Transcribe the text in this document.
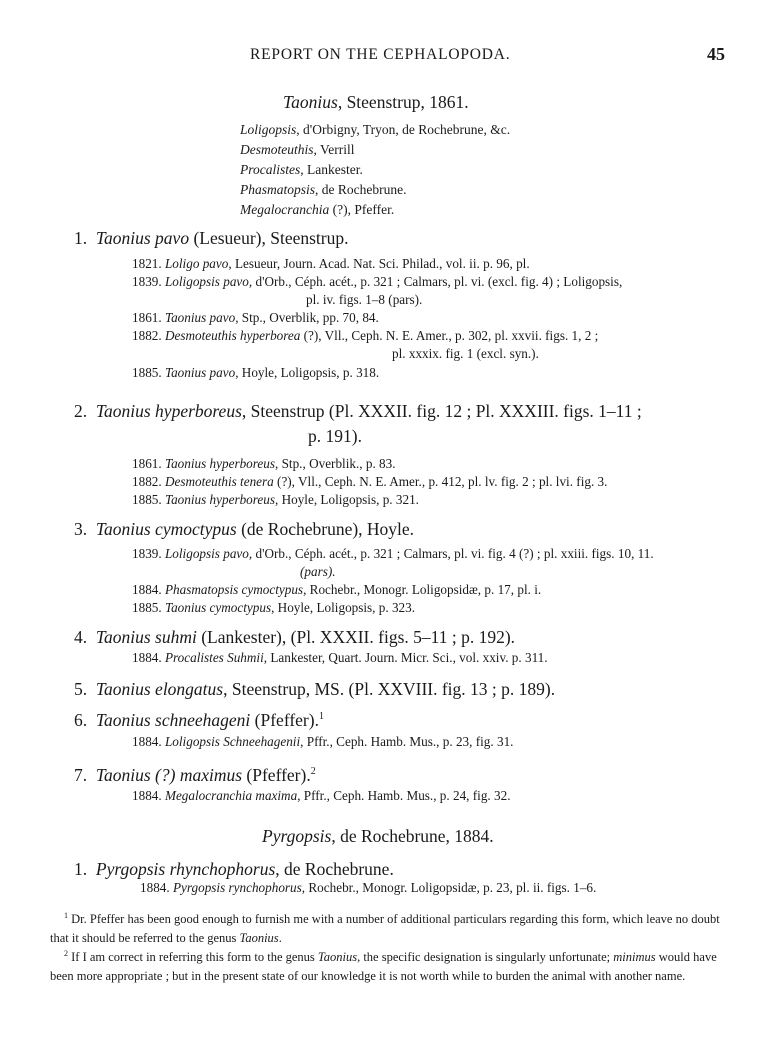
REPORT ON THE CEPHALOPODA.	45
Taonius, Steenstrup, 1861.
Loligopsis, d'Orbigny, Tryon, de Rochebrune, &c.
Desmoteuthis, Verrill
Procalistes, Lankester.
Phasmatopsis, de Rochebrune.
Megalocranchia (?), Pfeffer.
1. Taonius pavo (Lesueur), Steenstrup.
1821. Loligo pavo, Lesueur, Journ. Acad. Nat. Sci. Philad., vol. ii. p. 96, pl.
1839. Loligopsis pavo, d'Orb., Céph. acét., p. 321 ; Calmars, pl. vi. (excl. fig. 4) ; Loligopsis,
pl. iv. figs. 1–8 (pars).
1861. Taonius pavo, Stp., Overblik, pp. 70, 84.
1882. Desmoteuthis hyperborea (?), Vll., Ceph. N. E. Amer., p. 302, pl. xxvii. figs. 1, 2 ;
pl. xxxix. fig. 1 (excl. syn.).
1885. Taonius pavo, Hoyle, Loligopsis, p. 318.
2. Taonius hyperboreus, Steenstrup (Pl. XXXII. fig. 12 ; Pl. XXXIII. figs. 1–11 ;
p. 191).
1861. Taonius hyperboreus, Stp., Overblik., p. 83.
1882. Desmoteuthis tenera (?), Vll., Ceph. N. E. Amer., p. 412, pl. lv. fig. 2 ; pl. lvi. fig. 3.
1885. Taonius hyperboreus, Hoyle, Loligopsis, p. 321.
3. Taonius cymoctypus (de Rochebrune), Hoyle.
1839. Loligopsis pavo, d'Orb., Céph. acét., p. 321 ; Calmars, pl. vi. fig. 4 (?) ; pl. xxiii. figs. 10, 11.
(pars).
1884. Phasmatopsis cymoctypus, Rochebr., Monogr. Loligopsidæ, p. 17, pl. i.
1885. Taonius cymoctypus, Hoyle, Loligopsis, p. 323.
4. Taonius suhmi (Lankester), (Pl. XXXII. figs. 5–11 ; p. 192).
1884. Procalistes Suhmii, Lankester, Quart. Journ. Micr. Sci., vol. xxiv. p. 311.
5. Taonius elongatus, Steenstrup, MS. (Pl. XXVIII. fig. 13 ; p. 189).
6. Taonius schneehageni (Pfeffer).$^1$
1884. Loligopsis Schneehagenii, Pffr., Ceph. Hamb. Mus., p. 23, fig. 31.
7. Taonius (?) maximus (Pfeffer).$^2$
1884. Megalocranchia maxima, Pffr., Ceph. Hamb. Mus., p. 24, fig. 32.
Pyrgopsis, de Rochebrune, 1884.
1. Pyrgopsis rhynchophorus, de Rochebrune.
1884. Pyrgopsis rynchophorus, Rochebr., Monogr. Loligopsidæ, p. 23, pl. ii. figs. 1–6.
$^1$ Dr. Pfeffer has been good enough to furnish me with a number of additional particulars regarding this form, which leave no doubt that it should be referred to the genus Taonius.
$^2$ If I am correct in referring this form to the genus Taonius, the specific designation is singularly unfortunate; minimus would have been more appropriate ; but in the present state of our knowledge it is not worth while to burden the animal with another name.
